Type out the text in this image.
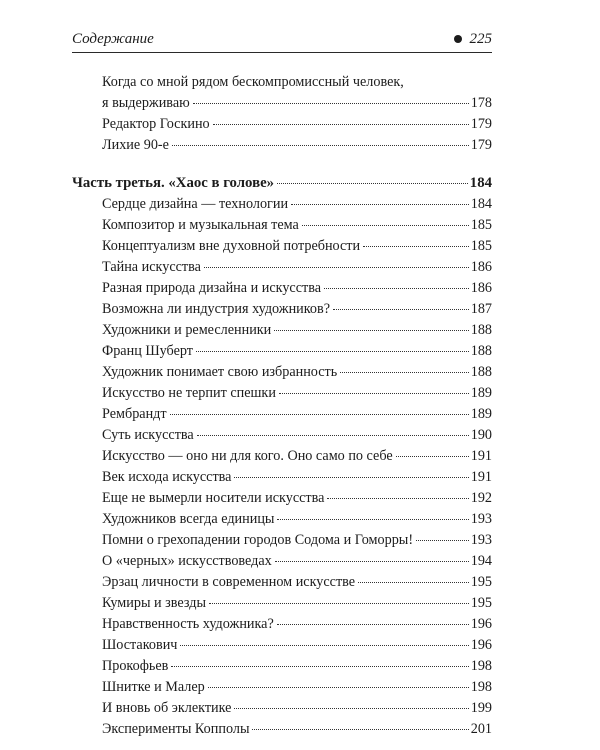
Содержание	225
Когда со мной рядом бескомпромиссный человек,
я выдерживаю	178
Редактор Госкино	179
Лихие 90-е	179
Часть третья. «Хаос в голове»	184
Сердце дизайна — технологии	184
Композитор и музыкальная тема	185
Концептуализм вне духовной потребности	185
Тайна искусства	186
Разная природа дизайна и искусства	186
Возможна ли индустрия художников?	187
Художники и ремесленники	188
Франц Шуберт	188
Художник понимает свою избранность	188
Искусство не терпит спешки	189
Рембрандт	189
Суть искусства	190
Искусство — оно ни для кого. Оно само по себе	191
Век исхода искусства	191
Еще не вымерли носители искусства	192
Художников всегда единицы	193
Помни о грехопадении городов Содома и Гоморры!	193
О «черных» искусствоведах	194
Эрзац личности в современном искусстве	195
Кумиры и звезды	195
Нравственность художника?	196
Шостакович	196
Прокофьев	198
Шнитке и Малер	198
И вновь об эклектике	199
Эксперименты Копполы	201
